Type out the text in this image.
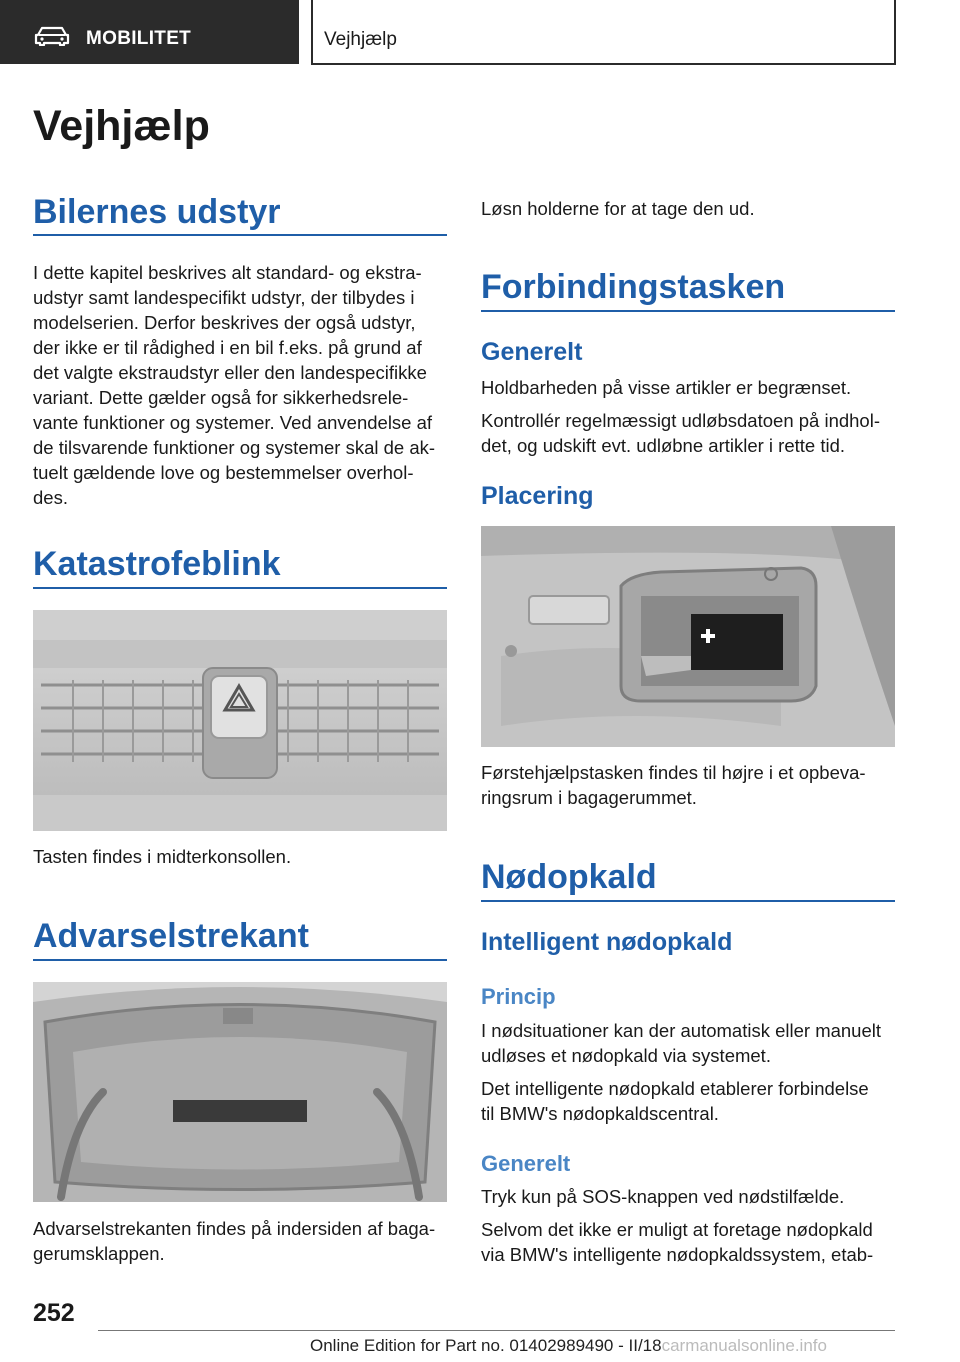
MOBILITET	Vejhjælp
Vejhjælp
Bilernes udstyr
I dette kapitel beskrives alt standard- og ekstra-
udstyr samt landespecifikt udstyr, der tilbydes i
modelserien. Derfor beskrives der også udstyr,
der ikke er til rådighed i en bil f.eks. på grund af
det valgte ekstraudstyr eller den landespecifikke
variant. Dette gælder også for sikkerhedsrele-
vante funktioner og systemer. Ved anvendelse af
de tilsvarende funktioner og systemer skal de ak-
tuelt gældende love og bestemmelser overhol-
des.
Katastrofeblink
Tasten findes i midterkonsollen.
Advarselstrekant
Advarselstrekanten findes på indersiden af baga-
gerumsklappen.
Løsn holderne for at tage den ud.
Forbindingstasken
Generelt
Holdbarheden på visse artikler er begrænset.
Kontrollér regelmæssigt udløbsdatoen på indhol-
det, og udskift evt. udløbne artikler i rette tid.
Placering
Førstehjælpstasken findes til højre i et opbeva-
ringsrum i bagagerummet.
Nødopkald
Intelligent nødopkald
Princip
I nødsituationer kan der automatisk eller manuelt
udløses et nødopkald via systemet.
Det intelligente nødopkald etablerer forbindelse
til BMW's nødopkaldscentral.
Generelt
Tryk kun på SOS-knappen ved nødstilfælde.
Selvom det ikke er muligt at foretage nødopkald
via BMW's intelligente nødopkaldssystem, etab-
252
Online Edition for Part no. 01402989490 - II/18carmanualsonline.info
